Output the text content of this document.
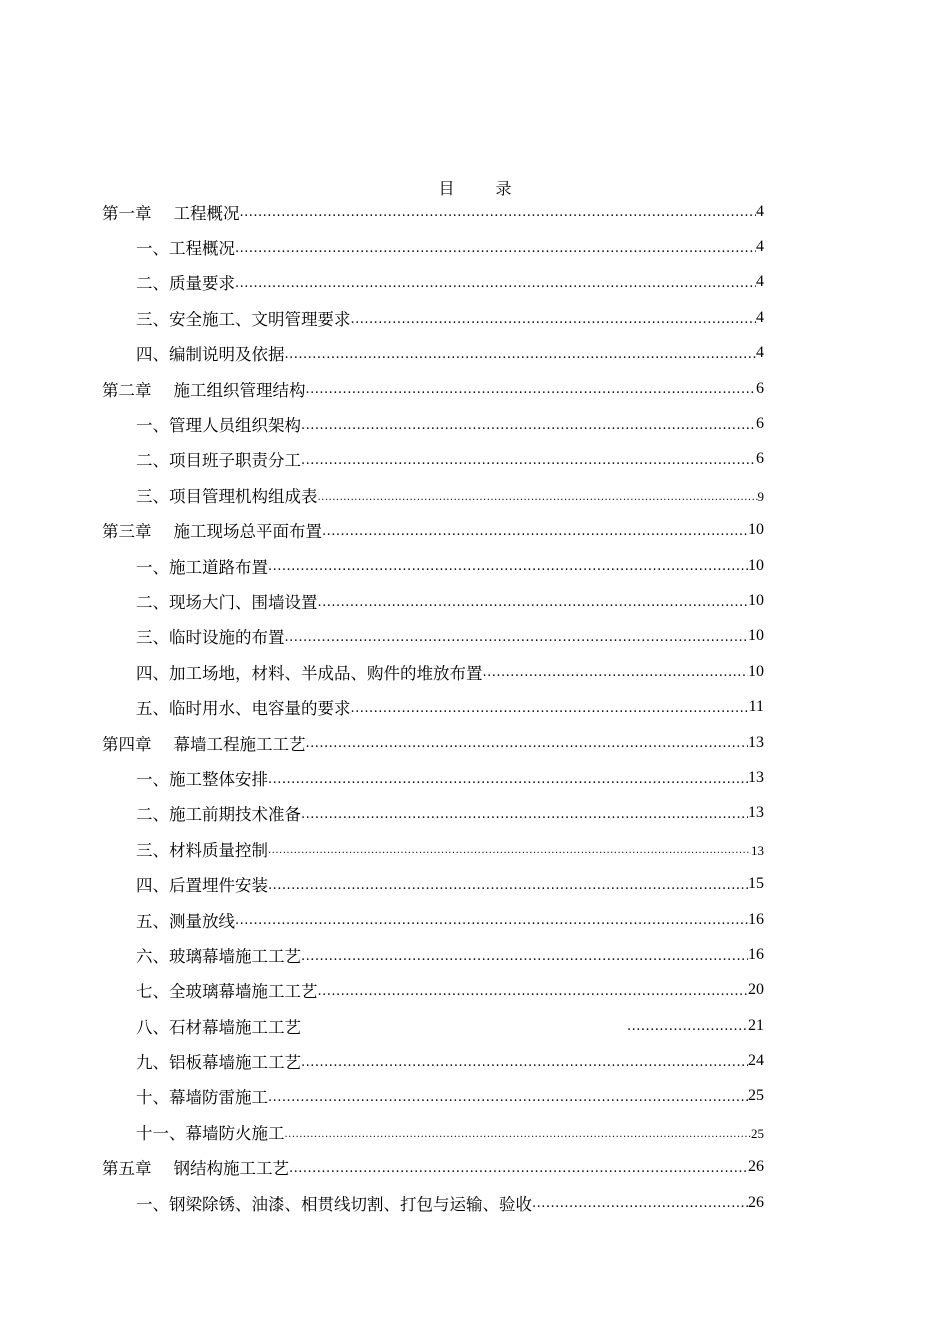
目	录
第一章 工程概况 .....	4
一、工程概况 .....	4
二、质量要求 .....	4
三、安全施工、文明管理要求 .....	4
四、编制说明及依据 .....	4
第二章 施工组织管理结构 .....	6
一、管理人员组织架构 .....	6
二、项目班子职责分工 .....	6
三、项目管理机构组成表 .....	9
第三章 施工现场总平面布置 .....	10
一、施工道路布置 .....	10
二、现场大门、围墙设置 .....	10
三、临时设施的布置 .....	10
四、加工场地，材料、半成品、购件的堆放布置 .....	10
五、临时用水、电容量的要求 .....	11
第四章 幕墙工程施工工艺 .....	13
一、施工整体安排 .....	13
二、施工前期技术准备 .....	13
三、材料质量控制 .....	13
四、后置埋件安装 .....	15
五、测量放线 .....	16
六、玻璃幕墙施工工艺 .....	16
七、全玻璃幕墙施工工艺 .....	20
八、石材幕墙施工工艺 .....	21
九、铝板幕墙施工工艺 .....	24
十、幕墙防雷施工 .....	25
十一、幕墙防火施工 .....	25
第五章 钢结构施工工艺 .....	26
一、钢梁除锈、油漆、相贯线切割、打包与运输、验收 .....	26
